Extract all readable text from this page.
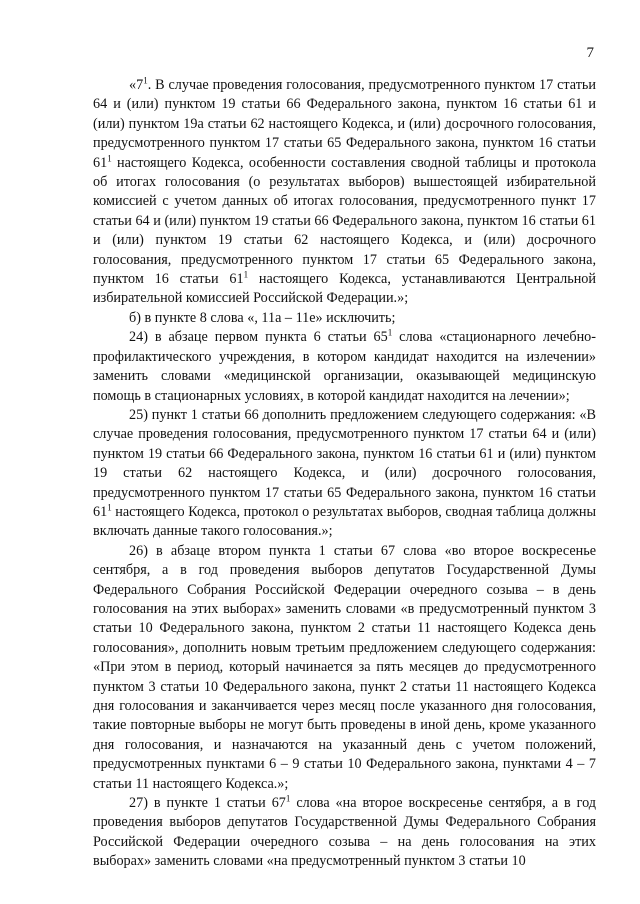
7

«$7^1$. В случае проведения голосования, предусмотренного пунктом 17 статьи 64 и (или) пунктом 19 статьи 66 Федерального закона, пунктом 16 статьи 61 и (или) пунктом 19а статьи 62 настоящего Кодекса, и (или) досрочного голосования, предусмотренного пунктом 17 статьи 65 Федерального закона, пунктом 16 статьи $61^1$ настоящего Кодекса, особенности составления сводной таблицы и протокола об итогах голосования (о результатах выборов) вышестоящей избирательной комиссией с учетом данных об итогах голосования, предусмотренного пункт 17 статьи 64 и (или) пунктом 19 статьи 66 Федерального закона, пунктом 16 статьи 61 и (или) пунктом 19 статьи 62 настоящего Кодекса, и (или) досрочного голосования, предусмотренного пунктом 17 статьи 65 Федерального закона, пунктом 16 статьи $61^1$ настоящего Кодекса, устанавливаются Центральной избирательной комиссией Российской Федерации.»;

б) в пункте 8 слова «, 11а – 11е» исключить;

24) в абзаце первом пункта 6 статьи $65^1$ слова «стационарного лечебно-профилактического учреждения, в котором кандидат находится на излечении» заменить словами «медицинской организации, оказывающей медицинскую помощь в стационарных условиях, в которой кандидат находится на лечении»;

25) пункт 1 статьи 66 дополнить предложением следующего содержания: «В случае проведения голосования, предусмотренного пунктом 17 статьи 64 и (или) пунктом 19 статьи 66 Федерального закона, пунктом 16 статьи 61 и (или) пунктом 19 статьи 62 настоящего Кодекса, и (или) досрочного голосования, предусмотренного пунктом 17 статьи 65 Федерального закона, пунктом 16 статьи $61^1$ настоящего Кодекса, протокол о результатах выборов, сводная таблица должны включать данные такого голосования.»;

26) в абзаце втором пункта 1 статьи 67 слова «во второе воскресенье сентября, а в год проведения выборов депутатов Государственной Думы Федерального Собрания Российской Федерации очередного созыва – в день голосования на этих выборах» заменить словами «в предусмотренный пунктом 3 статьи 10 Федерального закона, пунктом 2 статьи 11 настоящего Кодекса день голосования», дополнить новым третьим предложением следующего содержания: «При этом в период, который начинается за пять месяцев до предусмотренного пунктом 3 статьи 10 Федерального закона, пункт 2 статьи 11 настоящего Кодекса дня голосования и заканчивается через месяц после указанного дня голосования, такие повторные выборы не могут быть проведены в иной день, кроме указанного дня голосования, и назначаются на указанный день с учетом положений, предусмотренных пунктами 6 – 9 статьи 10 Федерального закона, пунктами 4 – 7 статьи 11 настоящего Кодекса.»;

27) в пункте 1 статьи $67^1$ слова «на второе воскресенье сентября, а в год проведения выборов депутатов Государственной Думы Федерального Собрания Российской Федерации очередного созыва – на день голосования на этих выборах» заменить словами «на предусмотренный пунктом 3 статьи 10
